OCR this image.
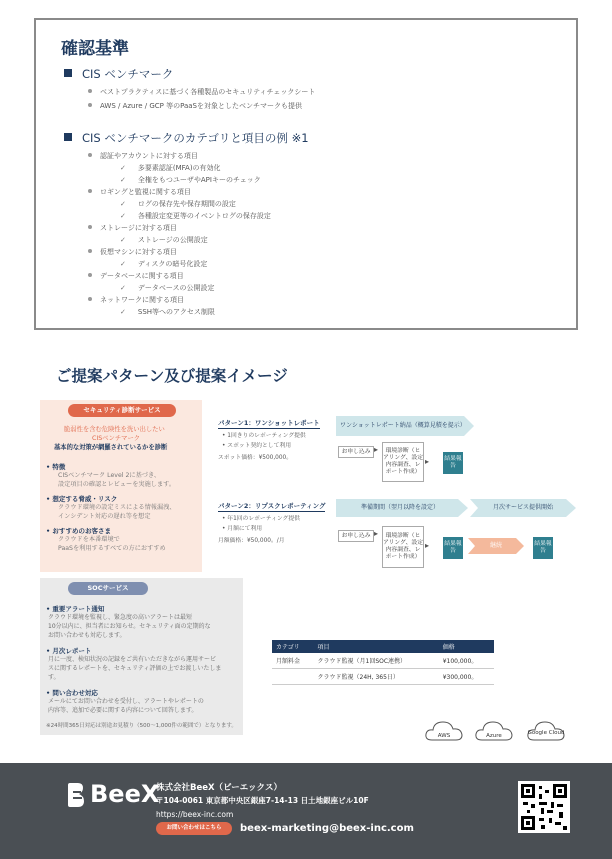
確認基準
CIS ベンチマーク
ベストプラクティスに基づく各種製品のセキュリティチェックシート
AWS / Azure / GCP 等のPaaSを対象としたベンチマークも提供
CIS ベンチマークのカテゴリと項目の例 ※1
認証やアカウントに対する項目
✓ 多要素認証(MFA)の有効化
✓ 全権をもつユーザやAPIキーのチェック
ロギングと監視に関する項目
✓ ログの保存先や保存期間の設定
✓ 各種設定変更等のイベントログの保存設定
ストレージに対する項目
✓ ストレージの公開設定
仮想マシンに対する項目
✓ ディスクの暗号化設定
データベースに関する項目
✓ データベースの公開設定
ネットワークに関する項目
✓ SSH等へのアクセス制限
ご提案パターン及び提案イメージ
セキュリティ診断サービス
脆弱性を含む危険性を洗い出したい
CISベンチマーク
基本的な対策が網羅されているかを診断
• 特徴
CISベンチマーク Level 2に基づき、
設定項目の確認とレビューを実施します。
• 想定する脅威・リスク
クラウド環境の設定ミスによる情報漏洩、
インシデント対応の遅れ等を想定
• おすすめのお客さま
クラウドを本番環境で
PaaSを利用するすべての方におすすめ
パターン1：ワンショットレポート
• 1回きりのレポーティング提供
• スポット契約として利用
スポット価格：¥500,000。
ワンショットレポート納品（概算見積を提示）
お申し込み ▸	環境診断（ヒアリング、設定内容調査、レポート作成）
▸	結果報告
パターン2：リプスクレポーティング
• 年1回のレポーティング提供
• 月額にて利用
月額価格：¥50,000。/月
準備期間（翌月以降を設定）	月次サービス提供開始
お申し込み ▸	環境診断（ヒアリング、設定内容調査、レポート作成）
▸	結果報告
継続	結果報告
SOCサービス
• 重要アラート通知
クラウド環境を監視し、緊急度の高いアラートは最短
10分以内に、担当者にお知らせ。セキュリティ面の定期的な
お問い合わせも対応します。
• 月次レポート
月に一度、検知状況の記録をご共有いただきながら運用サービ
スに関するレポートを、セキュリティ評価の上でお渡しいたしま
す。
• 問い合わせ対応
メールにてお問い合わせを受付し、アラートやレポートの
内容等、追加で必要に関する内容について回答します。
※24時間365日対応は別途お見積り（500〜1,000件の範囲で）となります。
カテゴリ	項目	価格
月額料金	クラウド監視（月1回SOC連携）	¥100,000。
	クラウド監視（24H, 365日）	¥300,000。
AWS	Azure	Google Cloud
BeeX
株式会社BeeX（ビーエックス）
〒104-0061 東京都中央区銀座7-14-13 日土地銀座ビル10F
https://beex-inc.com
お問い合わせはこちら	beex-marketing@beex-inc.com
